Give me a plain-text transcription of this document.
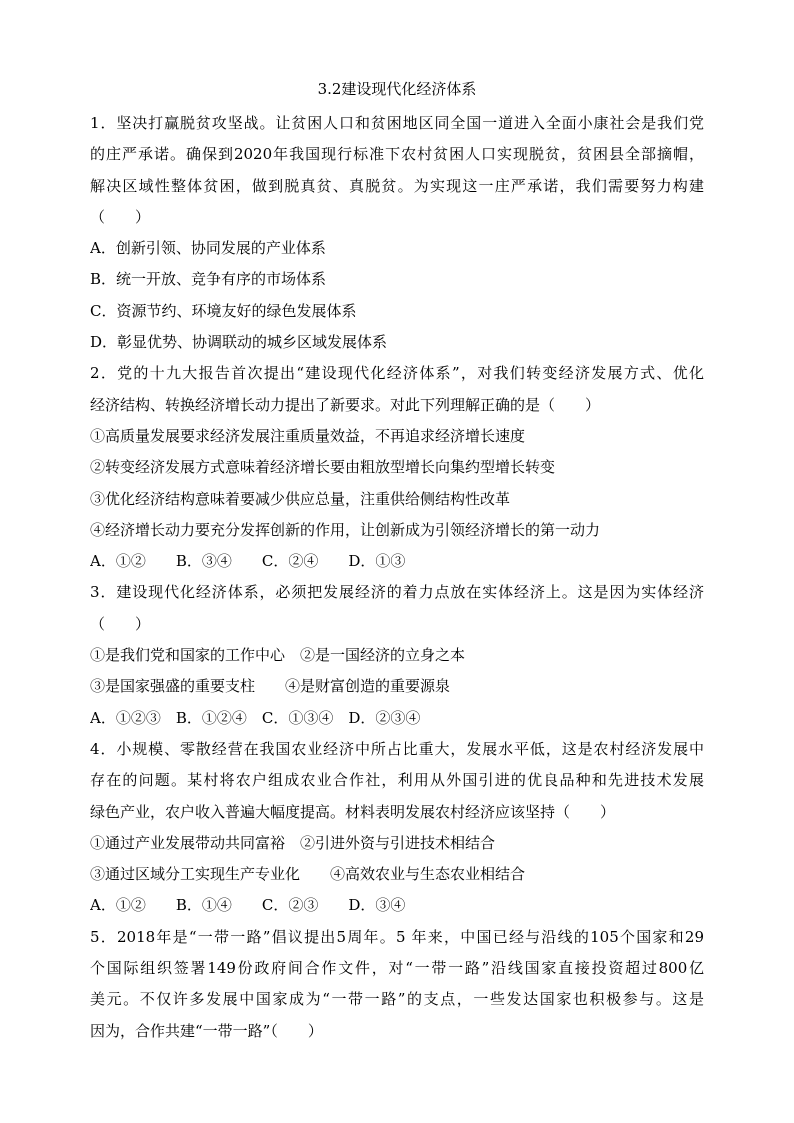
3.2建设现代化经济体系
1．坚决打赢脱贫攻坚战。让贫困人口和贫困地区同全国一道进入全面小康社会是我们党
的庄严承诺。确保到2020年我国现行标准下农村贫困人口实现脱贫，贫困县全部摘帽，
解决区域性整体贫困，做到脱真贫、真脱贫。为实现这一庄严承诺，我们需要努力构建
（　　）
A．创新引领、协同发展的产业体系
B．统一开放、竞争有序的市场体系
C．资源节约、环境友好的绿色发展体系
D．彰显优势、协调联动的城乡区域发展体系
2．党的十九大报告首次提出“建设现代化经济体系”，对我们转变经济发展方式、优化
经济结构、转换经济增长动力提出了新要求。对此下列理解正确的是（　　）
①高质量发展要求经济发展注重质量效益，不再追求经济增长速度
②转变经济发展方式意味着经济增长要由粗放型增长向集约型增长转变
③优化经济结构意味着要减少供应总量，注重供给侧结构性改革
④经济增长动力要充分发挥创新的作用，让创新成为引领经济增长的第一动力
A．①②　　B．③④　　C．②④　　D．①③
3．建设现代化经济体系，必须把发展经济的着力点放在实体经济上。这是因为实体经济
（　　）
①是我们党和国家的工作中心　②是一国经济的立身之本
③是国家强盛的重要支柱　　④是财富创造的重要源泉
A．①②③　B．①②④　C．①③④　D．②③④
4．小规模、零散经营在我国农业经济中所占比重大，发展水平低，这是农村经济发展中
存在的问题。某村将农户组成农业合作社，利用从外国引进的优良品种和先进技术发展
绿色产业，农户收入普遍大幅度提高。材料表明发展农村经济应该坚持（　　）
①通过产业发展带动共同富裕　②引进外资与引进技术相结合
③通过区域分工实现生产专业化　　④高效农业与生态农业相结合
A．①②　　B．①④　　C．②③　　D．③④
5．2018年是“一带一路”倡议提出5周年。5 年来，中国已经与沿线的105个国家和29
个国际组织签署149份政府间合作文件，对“一带一路”沿线国家直接投资超过800亿
美元。不仅许多发展中国家成为“一带一路”的支点，一些发达国家也积极参与。这是
因为，合作共建“一带一路”（　　）
